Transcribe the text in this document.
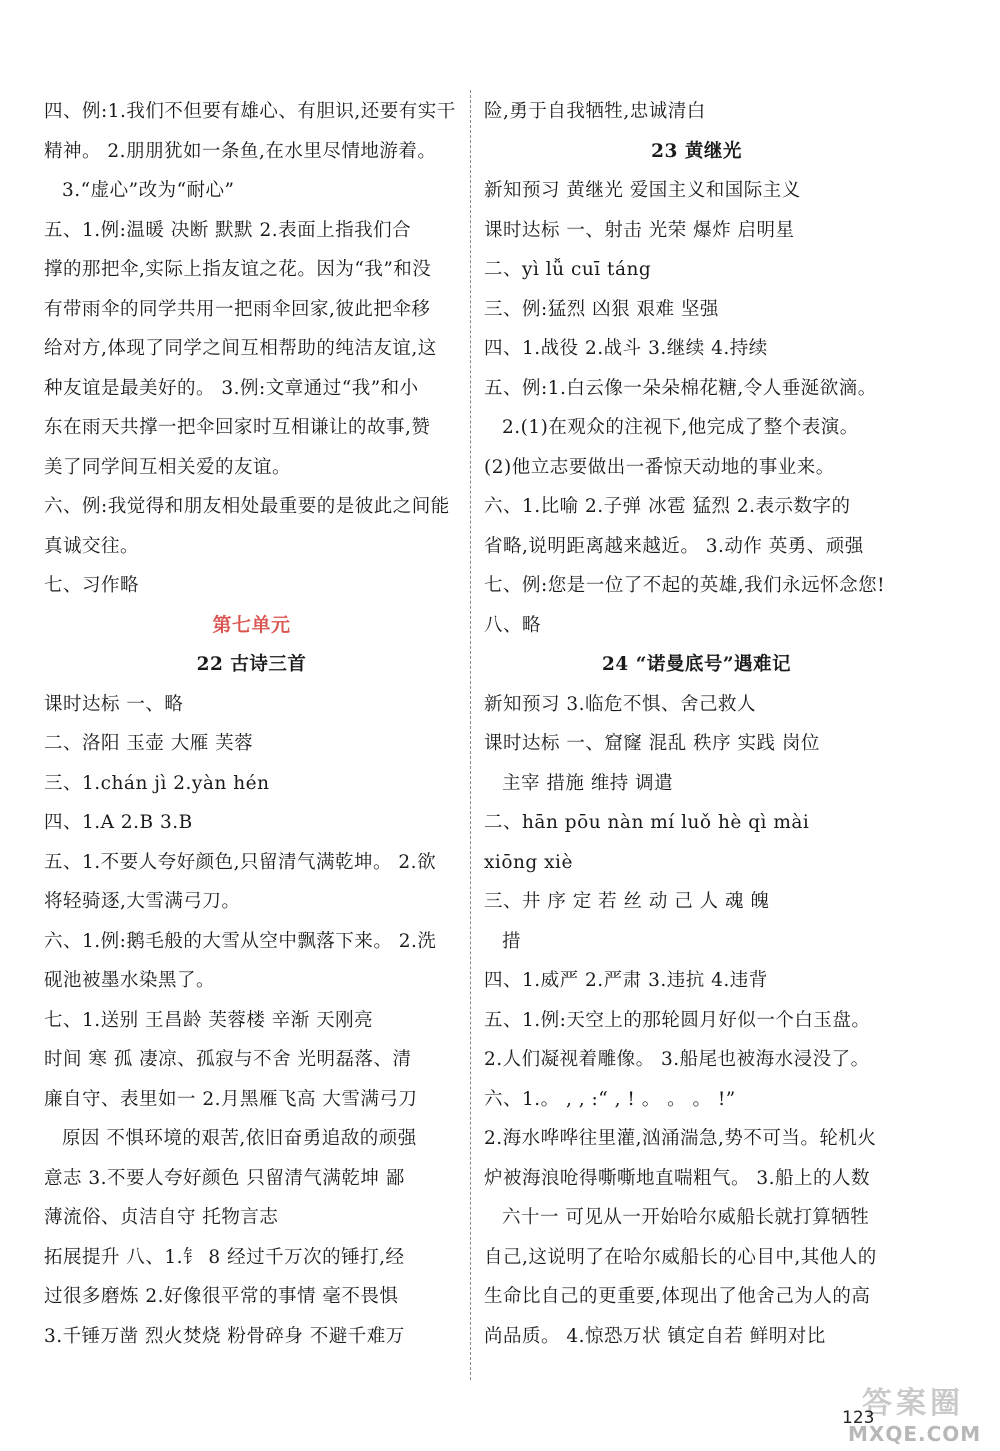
四、例:1.我们不但要有雄心、有胆识,还要有实干
精神。 2.朋朋犹如一条鱼,在水里尽情地游着。
3.“虚心”改为“耐心”
五、1.例:温暖 决断 默默 2.表面上指我们合
撑的那把伞,实际上指友谊之花。因为“我”和没
有带雨伞的同学共用一把雨伞回家,彼此把伞移
给对方,体现了同学之间互相帮助的纯洁友谊,这
种友谊是最美好的。 3.例:文章通过“我”和小
东在雨天共撑一把伞回家时互相谦让的故事,赞
美了同学间互相关爱的友谊。
六、例:我觉得和朋友相处最重要的是彼此之间能
真诚交往。
七、习作略
第七单元
22 古诗三首
课时达标 一、略
二、洛阳 玉壶 大雁 芙蓉
三、1.chán jì 2.yàn hén
四、1.A 2.B 3.B
五、1.不要人夸好颜色,只留清气满乾坤。 2.欲
将轻骑逐,大雪满弓刀。
六、1.例:鹅毛般的大雪从空中飘落下来。 2.洗
砚池被墨水染黑了。
七、1.送别 王昌龄 芙蓉楼 辛渐 天刚亮
时间 寒 孤 凄凉、孤寂与不舍 光明磊落、清
廉自守、表里如一 2.月黑雁飞高 大雪满弓刀
原因 不惧环境的艰苦,依旧奋勇追敌的顽强
意志 3.不要人夸好颜色 只留清气满乾坤 鄙
薄流俗、贞洁自守 托物言志
拓展提升 八、1.钅 8 经过千万次的锤打,经
过很多磨炼 2.好像很平常的事情 毫不畏惧
3.千锤万凿 烈火焚烧 粉骨碎身 不避千难万
险,勇于自我牺牲,忠诚清白
23 黄继光
新知预习 黄继光 爱国主义和国际主义
课时达标 一、射击 光荣 爆炸 启明星
二、yì lǚ cuī táng
三、例:猛烈 凶狠 艰难 坚强
四、1.战役 2.战斗 3.继续 4.持续
五、例:1.白云像一朵朵棉花糖,令人垂涎欲滴。
2.(1)在观众的注视下,他完成了整个表演。
(2)他立志要做出一番惊天动地的事业来。
六、1.比喻 2.子弹 冰雹 猛烈 2.表示数字的
省略,说明距离越来越近。 3.动作 英勇、顽强
七、例:您是一位了不起的英雄,我们永远怀念您!
八、略
24 “诺曼底号”遇难记
新知预习 3.临危不惧、舍己救人
课时达标 一、窟窿 混乱 秩序 实践 岗位
主宰 措施 维持 调遣
二、hān pōu nàn mí luǒ hè qì mài
xiōng xiè
三、井 序 定 若 丝 动 己 人 魂 魄
措
四、1.威严 2.严肃 3.违抗 4.违背
五、1.例:天空上的那轮圆月好似一个白玉盘。
2.人们凝视着雕像。 3.船尾也被海水浸没了。
六、1.。 , , :“ , ! 。 。 。 !”
2.海水哗哗往里灌,汹涌湍急,势不可当。轮机火
炉被海浪呛得嘶嘶地直喘粗气。 3.船上的人数
六十一 可见从一开始哈尔威船长就打算牺牲
自己,这说明了在哈尔威船长的心目中,其他人的
生命比自己的更重要,体现出了他舍己为人的高
尚品质。 4.惊恐万状 镇定自若 鲜明对比
答案圈
MXQE.COM
123
